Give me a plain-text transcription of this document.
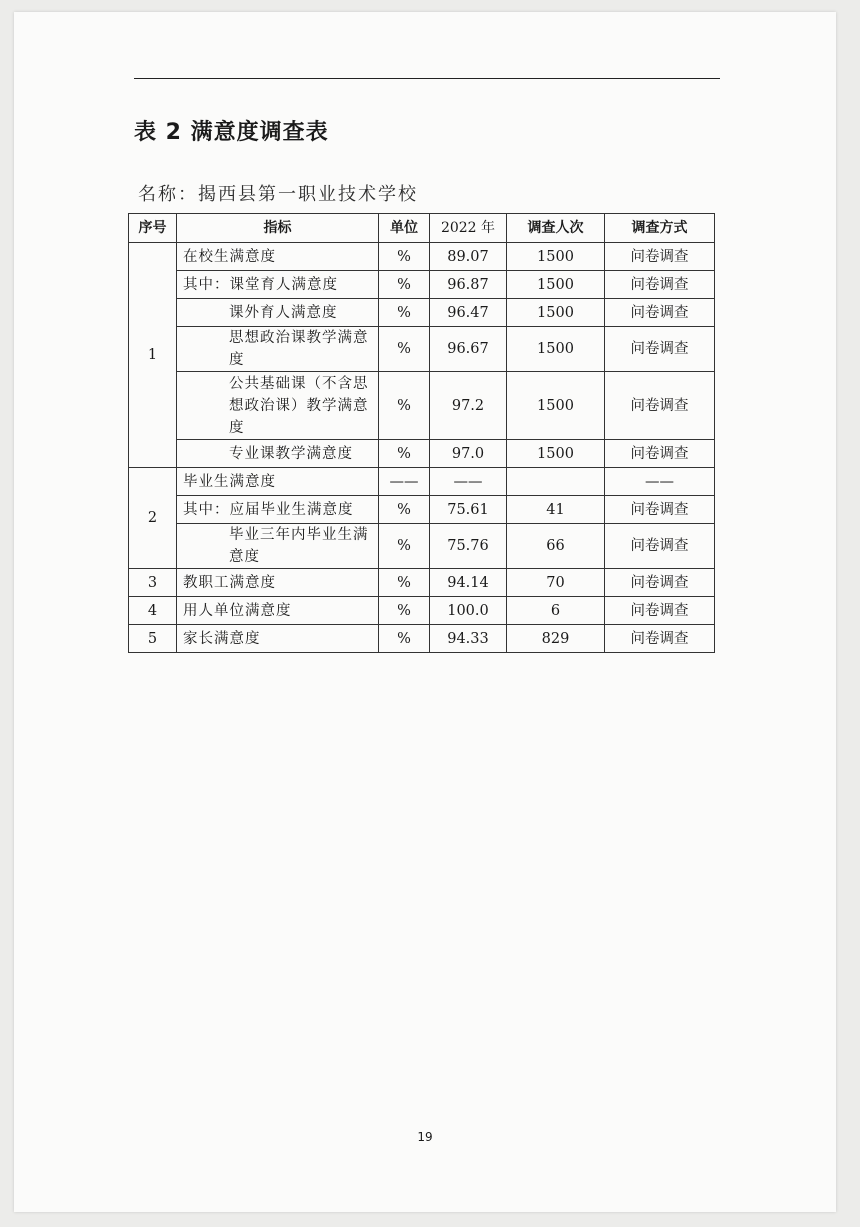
表 2 满意度调查表
名称：揭西县第一职业技术学校
序号	指标	单位	2022 年	调查人次	调查方式
1	在校生满意度	%	89.07	1500	问卷调查
	其中：课堂育人满意度	%	96.87	1500	问卷调查
	课外育人满意度	%	96.47	1500	问卷调查
	思想政治课教学满意度	%	96.67	1500	问卷调查
	公共基础课（不含思想政治课）教学满意度	%	97.2	1500	问卷调查
	专业课教学满意度	%	97.0	1500	问卷调查
2	毕业生满意度	——	——		——
	其中：应届毕业生满意度	%	75.61	41	问卷调查
	毕业三年内毕业生满意度	%	75.76	66	问卷调查
3	教职工满意度	%	94.14	70	问卷调查
4	用人单位满意度	%	100.0	6	问卷调查
5	家长满意度	%	94.33	829	问卷调查
19
